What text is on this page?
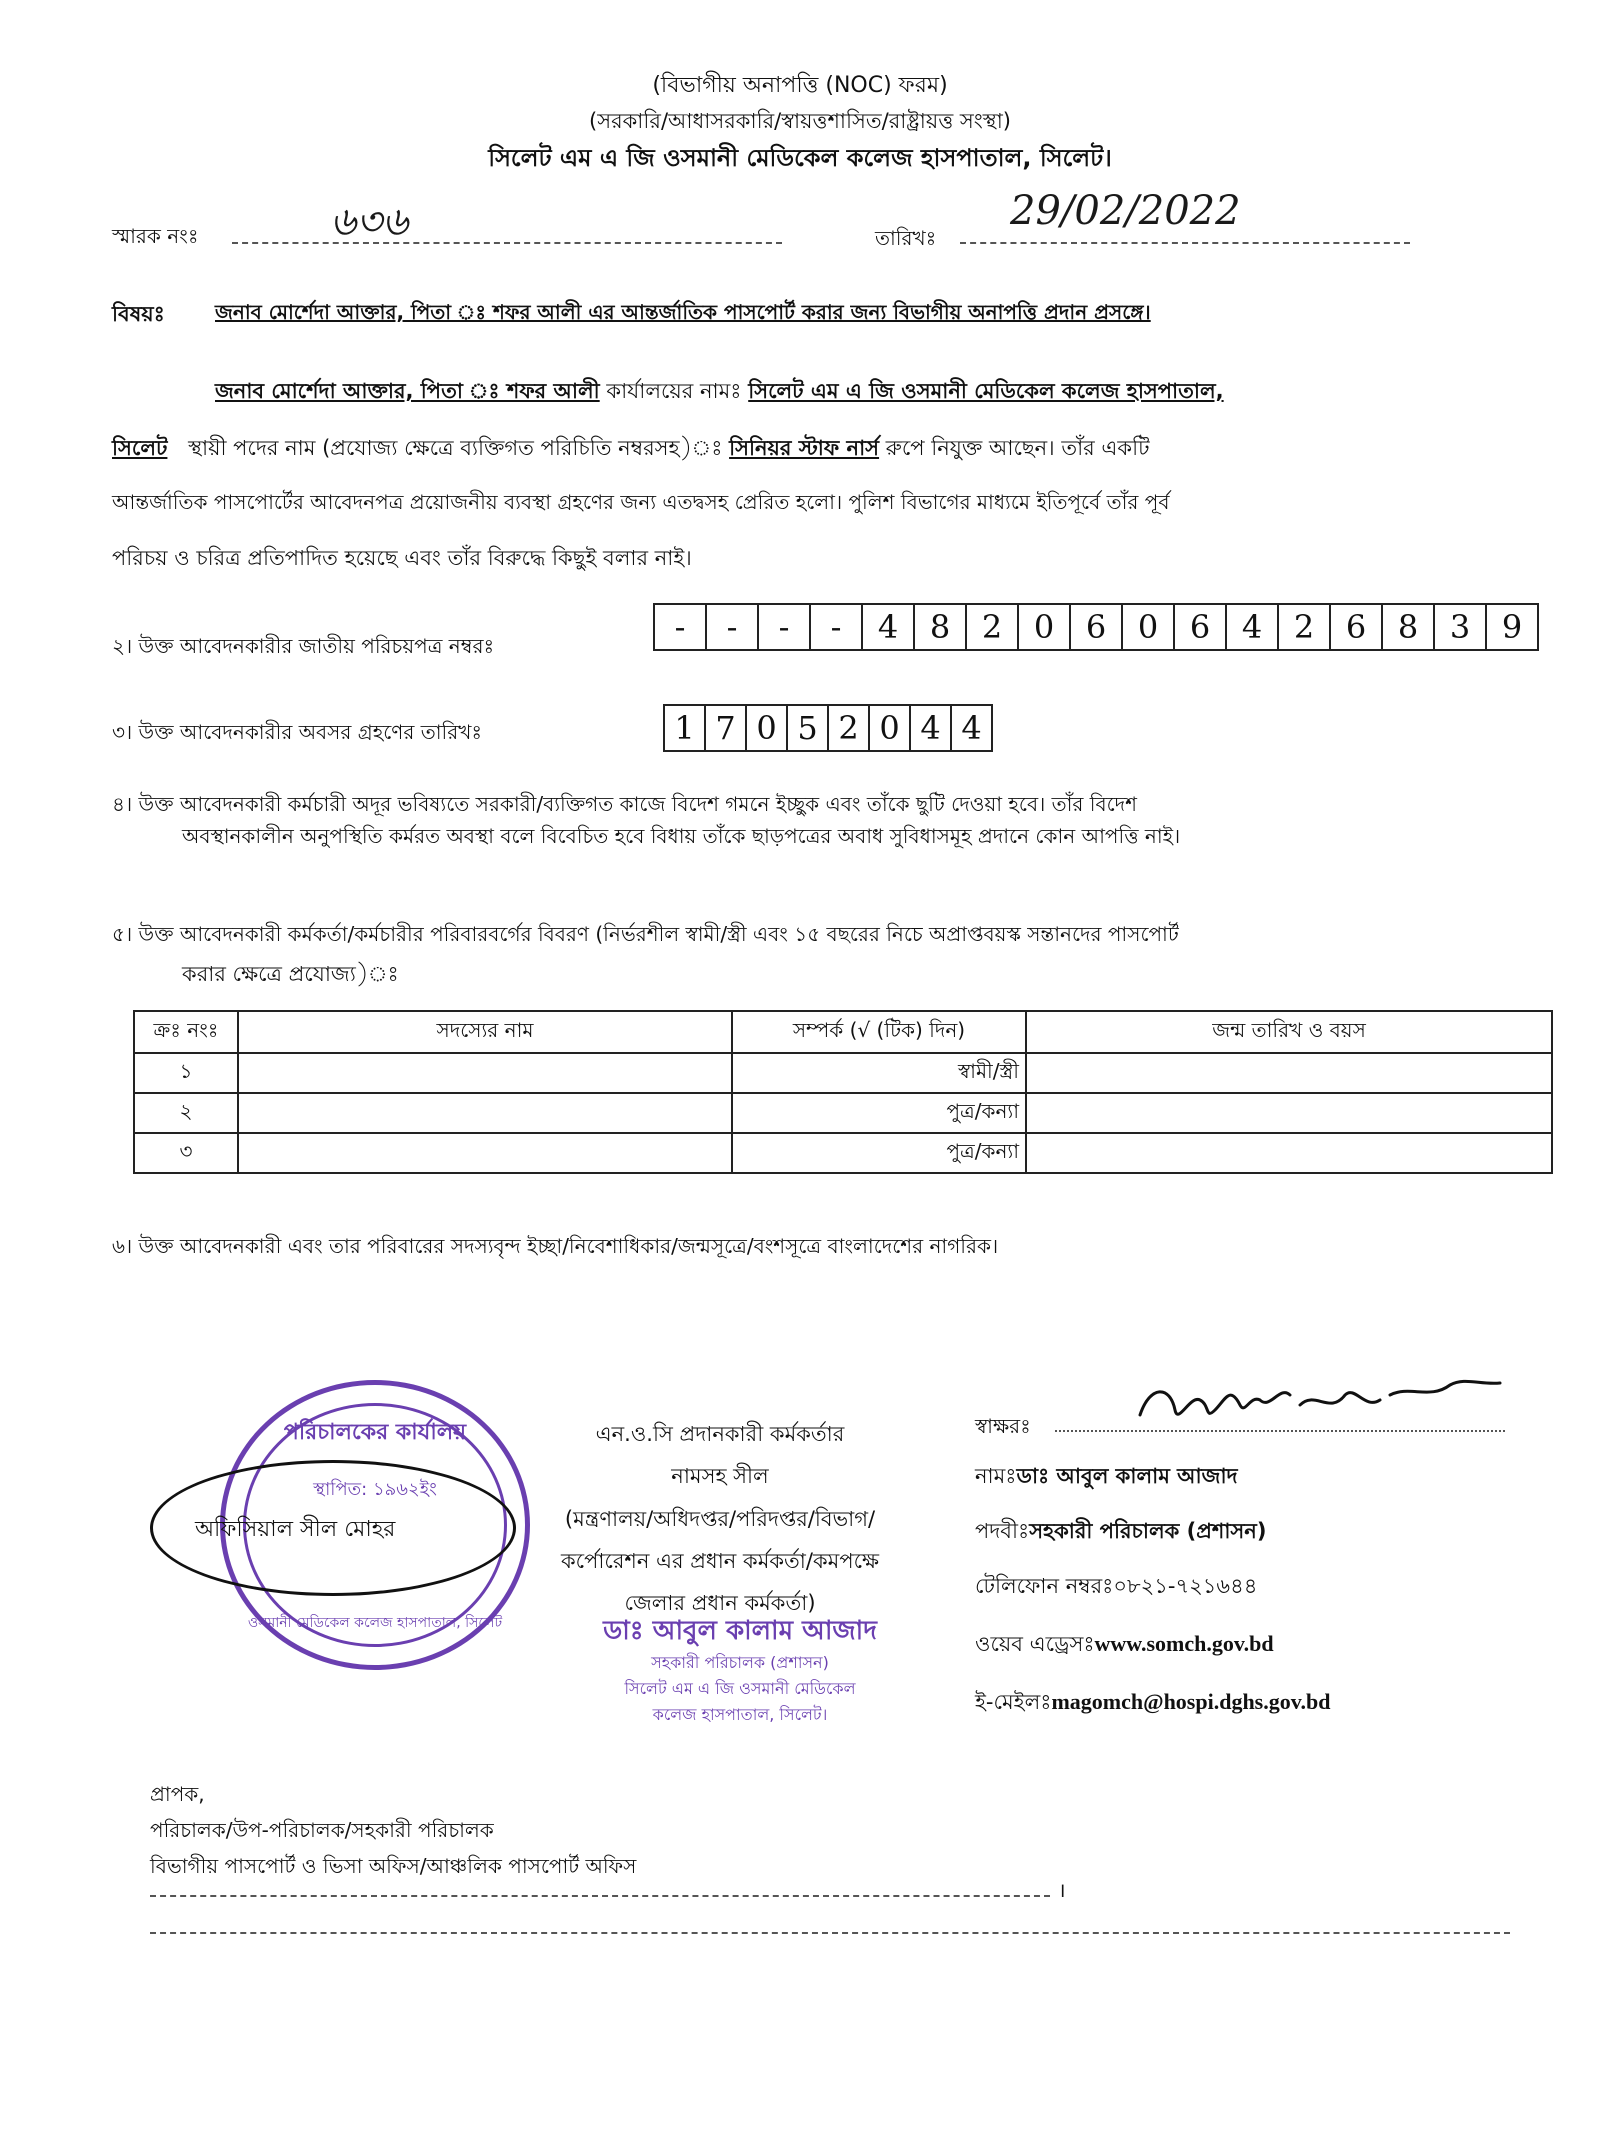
(বিভাগীয় অনাপত্তি (NOC) ফরম)
(সরকারি/আধাসরকারি/স্বায়ত্তশাসিত/রাষ্ট্রায়ত্ত সংস্থা)
সিলেট এম এ জি ওসমানী মেডিকেল কলেজ হাসপাতাল, সিলেট।
স্মারক নংঃ	৬৩৬	তারিখঃ
29/02/2022
বিষয়ঃ	জনাব মোর্শেদা আক্তার, পিতা ঃ শফর আলী এর আন্তর্জাতিক পাসপোর্ট করার জন্য বিভাগীয় অনাপত্তি প্রদান প্রসঙ্গে।
জনাব মোর্শেদা আক্তার, পিতা ঃ শফর আলী কার্যালয়ের নামঃ সিলেট এম এ জি ওসমানী মেডিকেল কলেজ হাসপাতাল,
সিলেট স্থায়ী পদের নাম (প্রযোজ্য ক্ষেত্রে ব্যক্তিগত পরিচিতি নম্বরসহ)ঃ সিনিয়র স্টাফ নার্স রুপে নিযুক্ত আছেন। তাঁর একটি
আন্তর্জাতিক পাসপোর্টের আবেদনপত্র প্রয়োজনীয় ব্যবস্থা গ্রহণের জন্য এতদ্বসহ প্রেরিত হলো। পুলিশ বিভাগের মাধ্যমে ইতিপূর্বে তাঁর পূর্ব
পরিচয় ও চরিত্র প্রতিপাদিত হয়েছে এবং তাঁর বিরুদ্ধে কিছুই বলার নাই।
২। উক্ত আবেদনকারীর জাতীয় পরিচয়পত্র নম্বরঃ	-	-	-	-	4 8 2 0 6 0 6 4 2 6 8 3 9
৩। উক্ত আবেদনকারীর অবসর গ্রহণের তারিখঃ	1 7 0 5 2 0 4 4
৪। উক্ত আবেদনকারী কর্মচারী অদূর ভবিষ্যতে সরকারী/ব্যক্তিগত কাজে বিদেশ গমনে ইচ্ছুক এবং তাঁকে ছুটি দেওয়া হবে। তাঁর বিদেশ
অবস্থানকালীন অনুপস্থিতি কর্মরত অবস্থা বলে বিবেচিত হবে বিধায় তাঁকে ছাড়পত্রের অবাধ সুবিধাসমূহ প্রদানে কোন আপত্তি নাই।
৫। উক্ত আবেদনকারী কর্মকর্তা/কর্মচারীর পরিবারবর্গের বিবরণ (নির্ভরশীল স্বামী/স্ত্রী এবং ১৫ বছরের নিচে অপ্রাপ্তবয়স্ক সন্তানদের পাসপোর্ট
করার ক্ষেত্রে প্রযোজ্য)ঃ
ক্রঃ নংঃ	সদস্যের নাম	সম্পর্ক (√ (টিক) দিন)	জন্ম তারিখ ও বয়স
১		স্বামী/স্ত্রী	
২		পুত্র/কন্যা	
৩		পুত্র/কন্যা	
৬। উক্ত আবেদনকারী এবং তার পরিবারের সদস্যবৃন্দ ইচ্ছা/নিবেশাধিকার/জন্মসূত্রে/বংশসূত্রে বাংলাদেশের নাগরিক।
পরিচালকের কার্যালয়
স্থাপিত: ১৯৬২ইং
ওসমানী মেডিকেল কলেজ হাসপাতাল, সিলেট
অফিসিয়াল সীল মোহর
এন.ও.সি প্রদানকারী কর্মকর্তার
নামসহ সীল
(মন্ত্রণালয়/অধিদপ্তর/পরিদপ্তর/বিভাগ/
কর্পোরেশন এর প্রধান কর্মকর্তা/কমপক্ষে
জেলার প্রধান কর্মকর্তা)
ডাঃ আবুল কালাম আজাদ
সহকারী পরিচালক (প্রশাসন)
সিলেট এম এ জি ওসমানী মেডিকেল
কলেজ হাসপাতাল, সিলেট।
স্বাক্ষরঃ
নামঃডাঃ আবুল কালাম আজাদ
পদবীঃসহকারী পরিচালক (প্রশাসন)
টেলিফোন নম্বরঃ০৮২১-৭২১৬৪৪
ওয়েব এড্রেসঃwww.somch.gov.bd
ই-মেইলঃmagomch@hospi.dghs.gov.bd
প্রাপক,
পরিচালক/উপ-পরিচালক/সহকারী পরিচালক
বিভাগীয় পাসপোর্ট ও ভিসা অফিস/আঞ্চলিক পাসপোর্ট অফিস
।
